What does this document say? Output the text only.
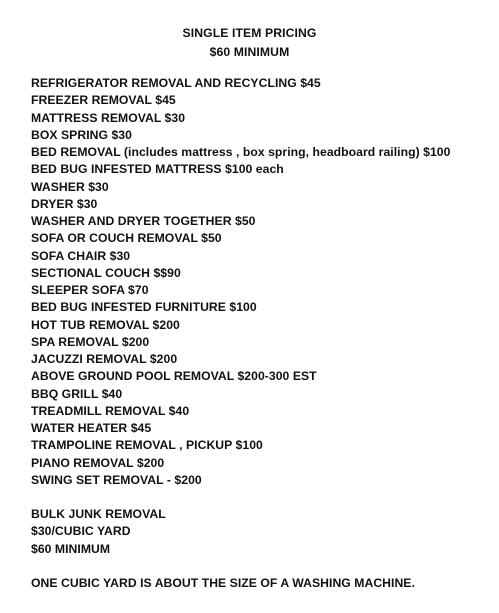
SINGLE ITEM PRICING
$60 MINIMUM
REFRIGERATOR REMOVAL AND RECYCLING $45
FREEZER REMOVAL $45
MATTRESS REMOVAL $30
BOX SPRING $30
BED REMOVAL (includes mattress , box spring, headboard railing) $100
BED BUG INFESTED MATTRESS $100 each
WASHER $30
DRYER $30
WASHER AND DRYER TOGETHER $50
SOFA OR COUCH REMOVAL $50
SOFA CHAIR $30
SECTIONAL COUCH $$90
SLEEPER SOFA $70
BED BUG INFESTED FURNITURE $100
HOT TUB REMOVAL $200
SPA REMOVAL $200
JACUZZI REMOVAL $200
ABOVE GROUND POOL REMOVAL $200-300 EST
BBQ GRILL $40
TREADMILL REMOVAL $40
WATER HEATER $45
TRAMPOLINE REMOVAL , PICKUP $100
PIANO REMOVAL $200
SWING SET REMOVAL - $200
BULK JUNK REMOVAL
$30/CUBIC YARD
$60 MINIMUM
ONE CUBIC YARD IS ABOUT THE SIZE OF A WASHING MACHINE.
